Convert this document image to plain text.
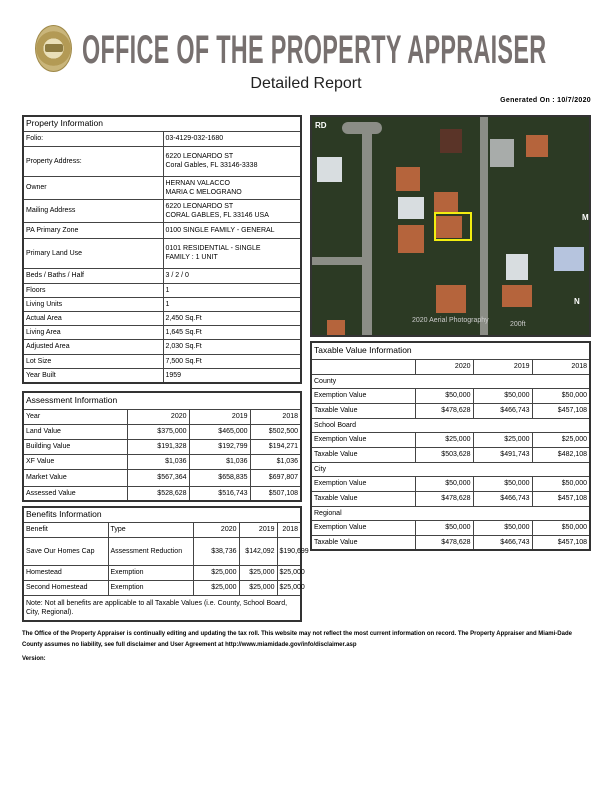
OFFICE OF THE PROPERTY APPRAISER
Detailed Report
Generated On : 10/7/2020
Property Information	
Folio:	03-4129-032-1680
Property Address:	6220 LEONARDO ST
Coral Gables, FL 33146-3338

Owner	HERNAN VALACCO
MARIA C MELOGRANO

Mailing Address	6220 LEONARDO ST
CORAL GABLES, FL 33146 USA

PA Primary Zone	0100 SINGLE FAMILY - GENERAL
Primary Land Use	0101 RESIDENTIAL - SINGLE
FAMILY : 1 UNIT

Beds / Baths / Half	3 / 2 / 0
Floors	1
Living Units	1
Actual Area	2,450 Sq.Ft
Living Area	1,645 Sq.Ft
Adjusted Area	2,030 Sq.Ft
Lot Size	7,500 Sq.Ft
Year Built	1959
Assessment Information			
Year	2020	2019	2018
Land Value	$375,000	$465,000	$502,500
Building Value	$191,328	$192,799	$194,271
XF Value	$1,036	$1,036	$1,036
Market Value	$567,364	$658,835	$697,807
Assessed Value	$528,628	$516,743	$507,108
Benefits Information				
Benefit	Type	2020	2019	2018
Save Our Homes Cap	Assessment Reduction	$38,736	$142,092	$190,699
Homestead	Exemption	$25,000	$25,000	$25,000
Second Homestead	Exemption	$25,000	$25,000	$25,000
Note: Not all benefits are applicable to all Taxable Values (i.e. County, School Board, City, Regional).				
RD
M
N
2020 Aerial Photography
200ft
Taxable Value Information			
	2020	2019	2018
County			
Exemption Value	$50,000	$50,000	$50,000
Taxable Value	$478,628	$466,743	$457,108
School Board			
Exemption Value	$25,000	$25,000	$25,000
Taxable Value	$503,628	$491,743	$482,108
City			
Exemption Value	$50,000	$50,000	$50,000
Taxable Value	$478,628	$466,743	$457,108
Regional			
Exemption Value	$50,000	$50,000	$50,000
Taxable Value	$478,628	$466,743	$457,108
The Office of the Property Appraiser is continually editing and updating the tax roll. This website may not reflect the most current information on record. The Property Appraiser and Miami-Dade County assumes no liability, see full disclaimer and User Agreement at http://www.miamidade.gov/info/disclaimer.asp
Version:
